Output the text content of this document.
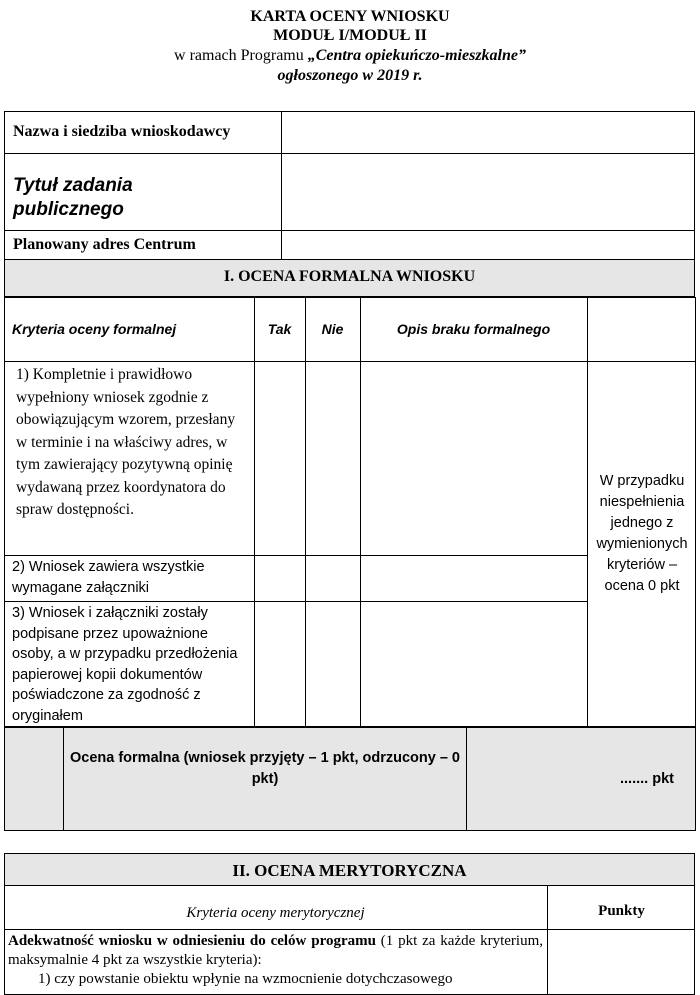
KARTA OCENY WNIOSKU
MODUŁ I/MODUŁ II
w ramach Programu „Centra opiekuńczo-mieszkalne”
ogłoszonego w 2019 r.
Nazwa i siedziba wnioskodawcy
Tytuł zadania publicznego
Planowany adres Centrum
I. OCENA FORMALNA WNIOSKU
Kryteria oceny formalnej	Tak	Nie	Opis braku formalnego
1) Kompletnie i prawidłowo wypełniony wniosek zgodnie z obowiązującym wzorem, przesłany w terminie i na właściwy adres, w tym zawierający pozytywną opinię wydawaną przez koordynatora do spraw dostępności.
2) Wniosek zawiera wszystkie wymagane załączniki
3) Wniosek i załączniki zostały podpisane przez upoważnione osoby, a w przypadku przedłożenia papierowej kopii dokumentów poświadczone za zgodność z oryginałem
W przypadku niespełnienia jednego z wymienionych kryteriów – ocena 0 pkt
Ocena formalna (wniosek przyjęty – 1 pkt, odrzucony – 0 pkt)	....... pkt
II. OCENA MERYTORYCZNA
Kryteria oceny merytorycznej	Punkty
Adekwatność wniosku w odniesieniu do celów programu (1 pkt za każde kryterium, maksymalnie 4 pkt za wszystkie kryteria):
1) czy powstanie obiektu wpłynie na wzmocnienie dotychczasowego
